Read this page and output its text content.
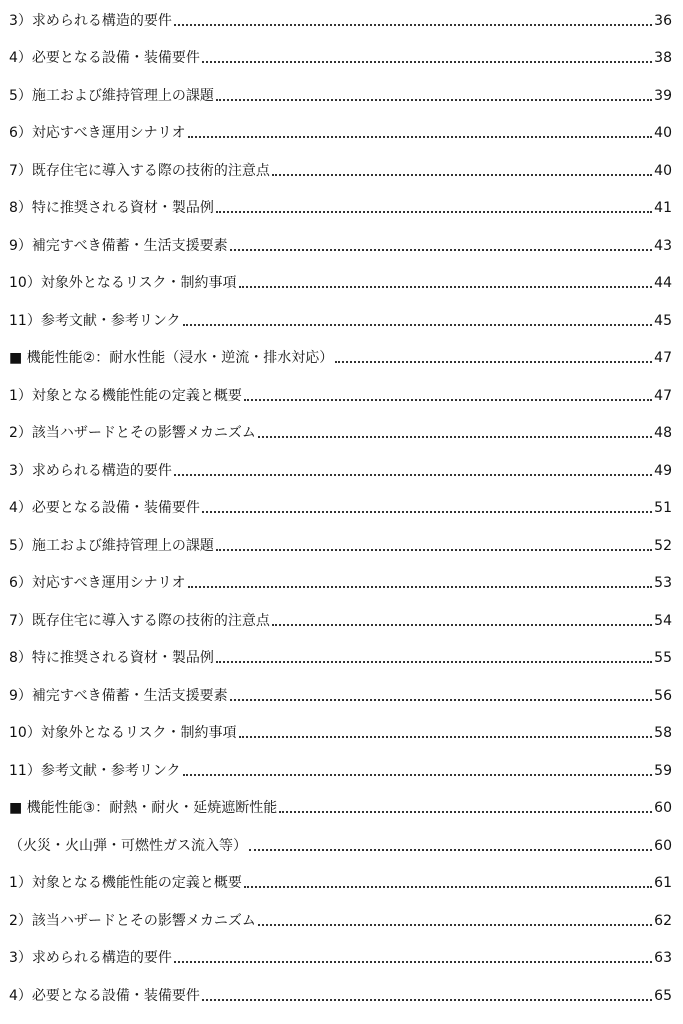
3）求められる構造的要件	36
4）必要となる設備・装備要件	38
5）施工および維持管理上の課題	39
6）対応すべき運用シナリオ	40
7）既存住宅に導入する際の技術的注意点	40
8）特に推奨される資材・製品例	41
9）補完すべき備蓄・生活支援要素	43
10）対象外となるリスク・制約事項	44
11）参考文献・参考リンク	45
■ 機能性能②：耐水性能（浸水・逆流・排水対応）	47
1）対象となる機能性能の定義と概要	47
2）該当ハザードとその影響メカニズム	48
3）求められる構造的要件	49
4）必要となる設備・装備要件	51
5）施工および維持管理上の課題	52
6）対応すべき運用シナリオ	53
7）既存住宅に導入する際の技術的注意点	54
8）特に推奨される資材・製品例	55
9）補完すべき備蓄・生活支援要素	56
10）対象外となるリスク・制約事項	58
11）参考文献・参考リンク	59
■ 機能性能③：耐熱・耐火・延焼遮断性能	60
（火災・火山弾・可燃性ガス流入等）	60
1）対象となる機能性能の定義と概要	61
2）該当ハザードとその影響メカニズム	62
3）求められる構造的要件	63
4）必要となる設備・装備要件	65
